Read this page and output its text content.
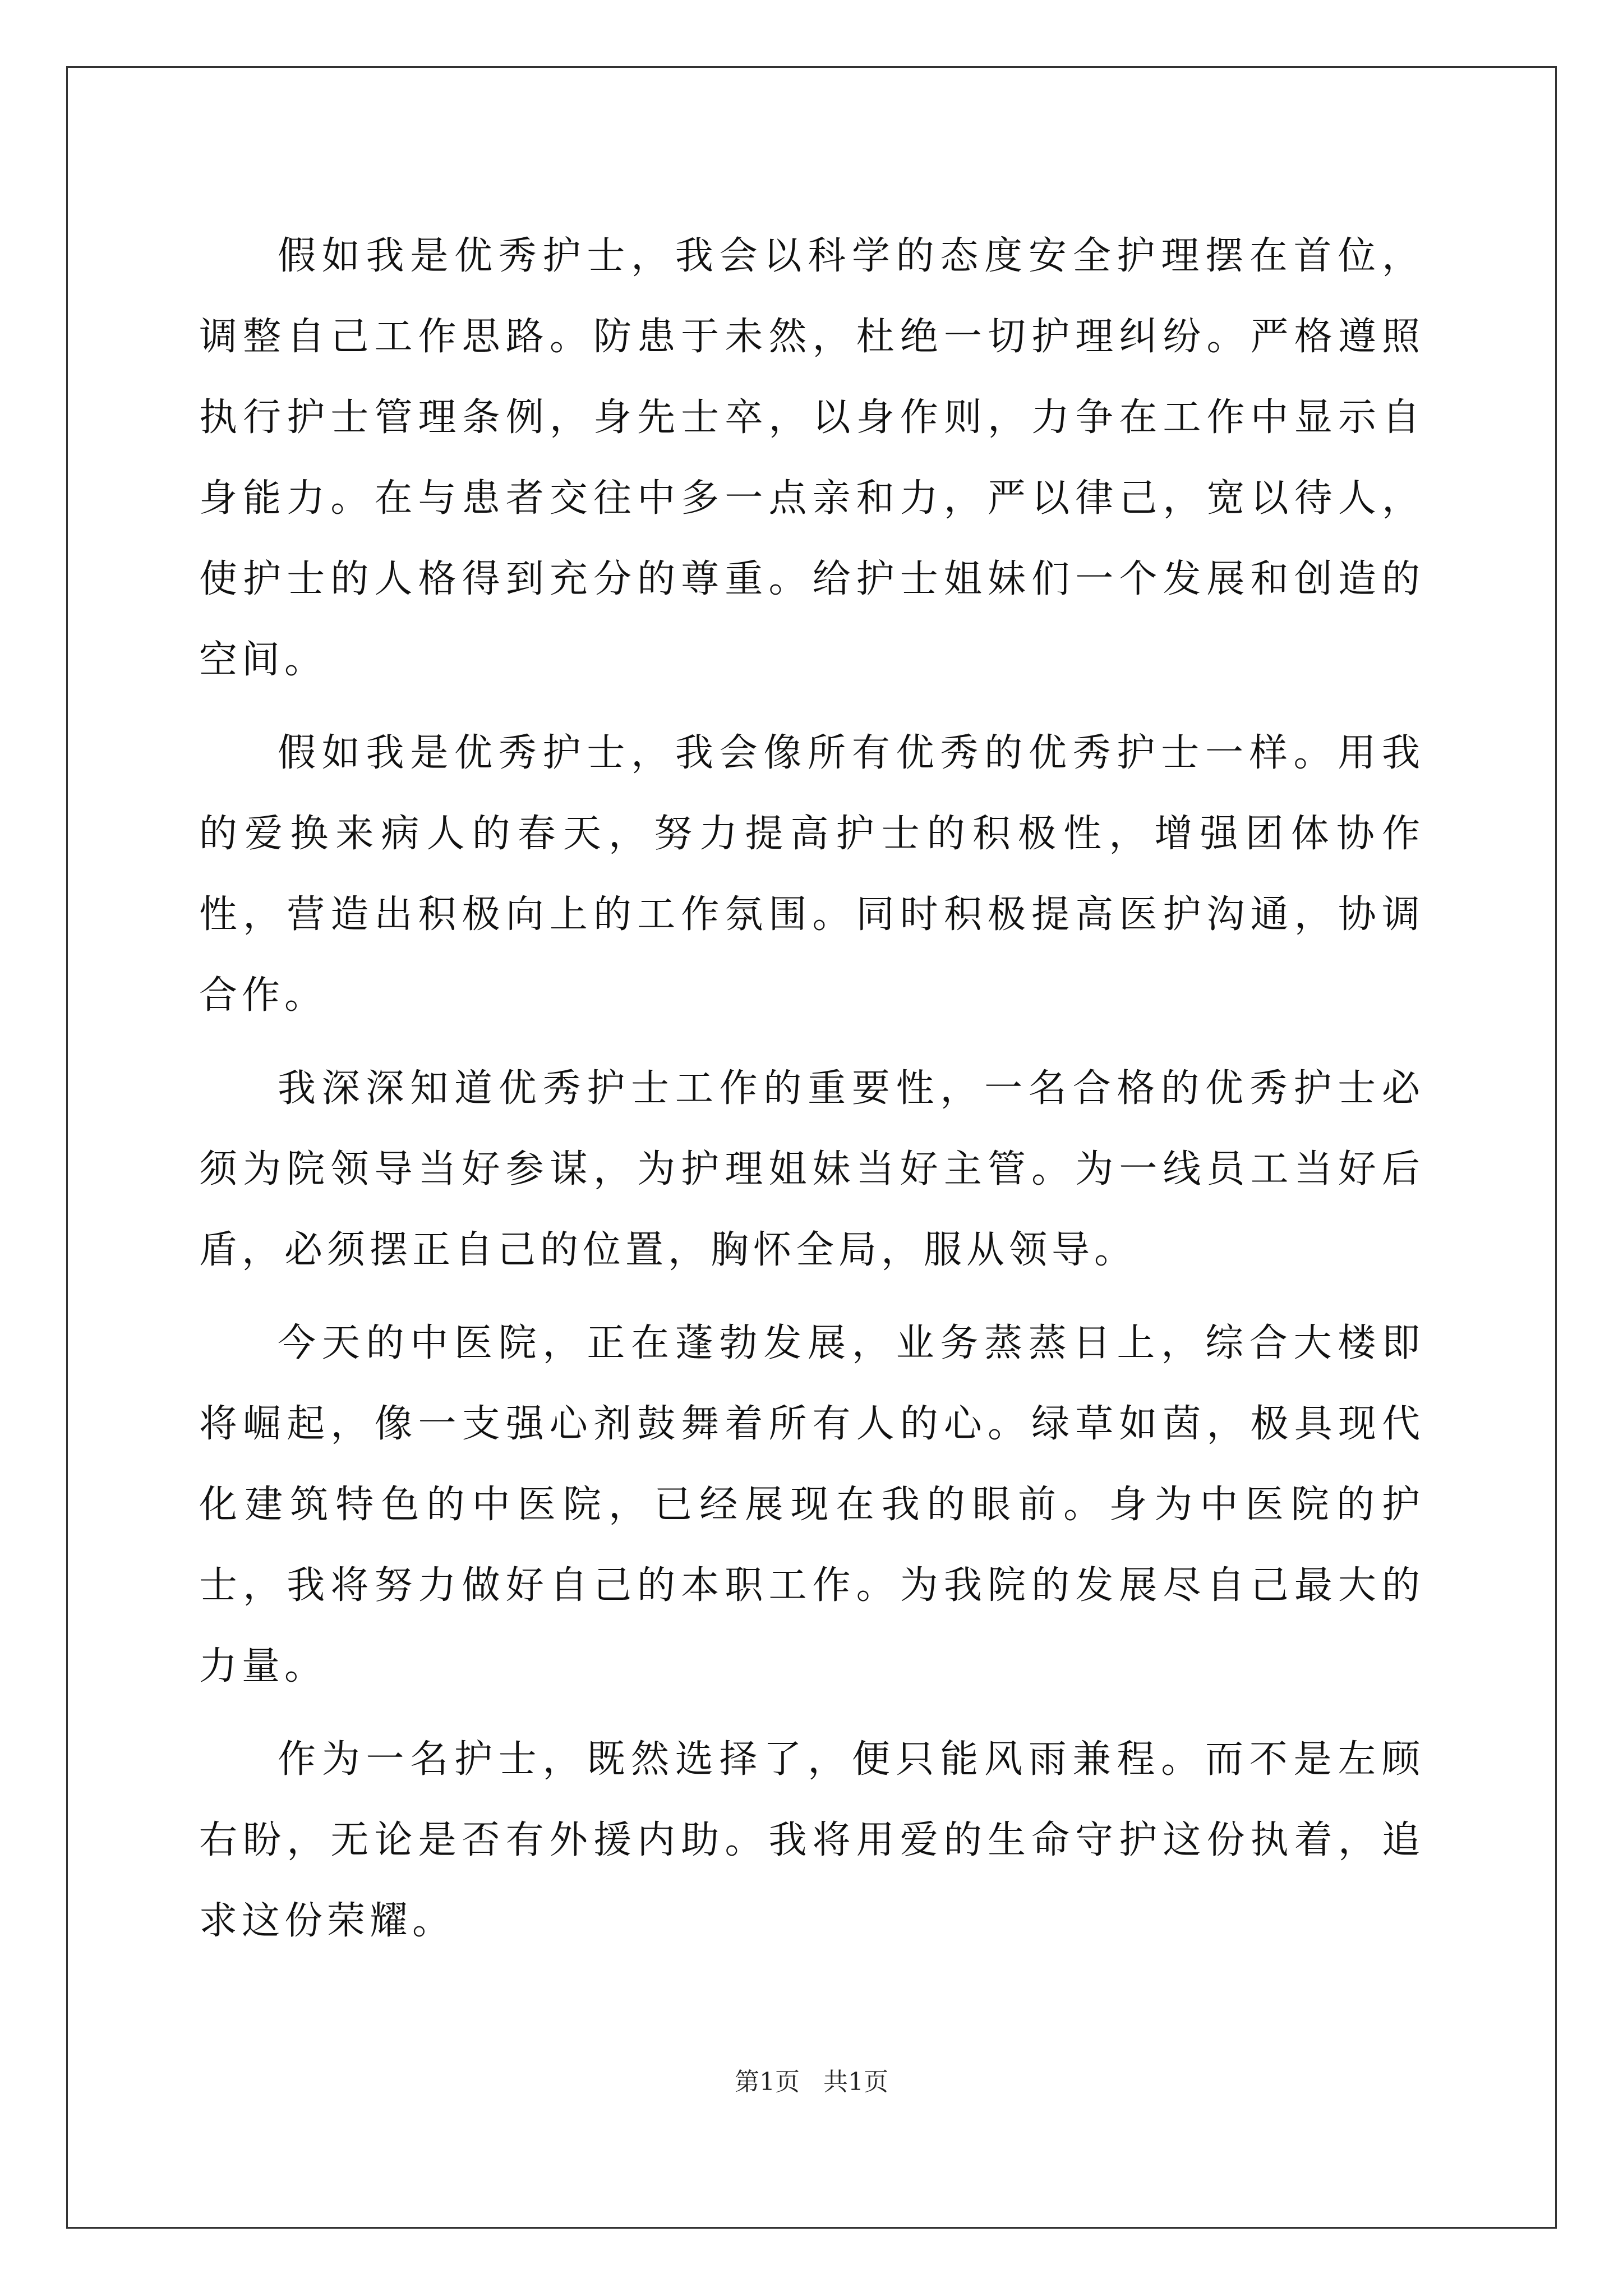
假如我是优秀护士，我会以科学的态度安全护理摆在首位，调整自己工作思路。防患于未然，杜绝一切护理纠纷。严格遵照执行护士管理条例，身先士卒，以身作则，力争在工作中显示自身能力。在与患者交往中多一点亲和力，严以律己，宽以待人，使护士的人格得到充分的尊重。给护士姐妹们一个发展和创造的空间。

假如我是优秀护士，我会像所有优秀的优秀护士一样。用我的爱换来病人的春天，努力提高护士的积极性，增强团体协作性，营造出积极向上的工作氛围。同时积极提高医护沟通，协调合作。

我深深知道优秀护士工作的重要性，一名合格的优秀护士必须为院领导当好参谋，为护理姐妹当好主管。为一线员工当好后盾，必须摆正自己的位置，胸怀全局，服从领导。

今天的中医院，正在蓬勃发展，业务蒸蒸日上，综合大楼即将崛起，像一支强心剂鼓舞着所有人的心。绿草如茵，极具现代化建筑特色的中医院，已经展现在我的眼前。身为中医院的护士，我将努力做好自己的本职工作。为我院的发展尽自己最大的力量。

作为一名护士，既然选择了，便只能风雨兼程。而不是左顾右盼，无论是否有外援内助。我将用爱的生命守护这份执着，追求这份荣耀。

第1页 共1页
